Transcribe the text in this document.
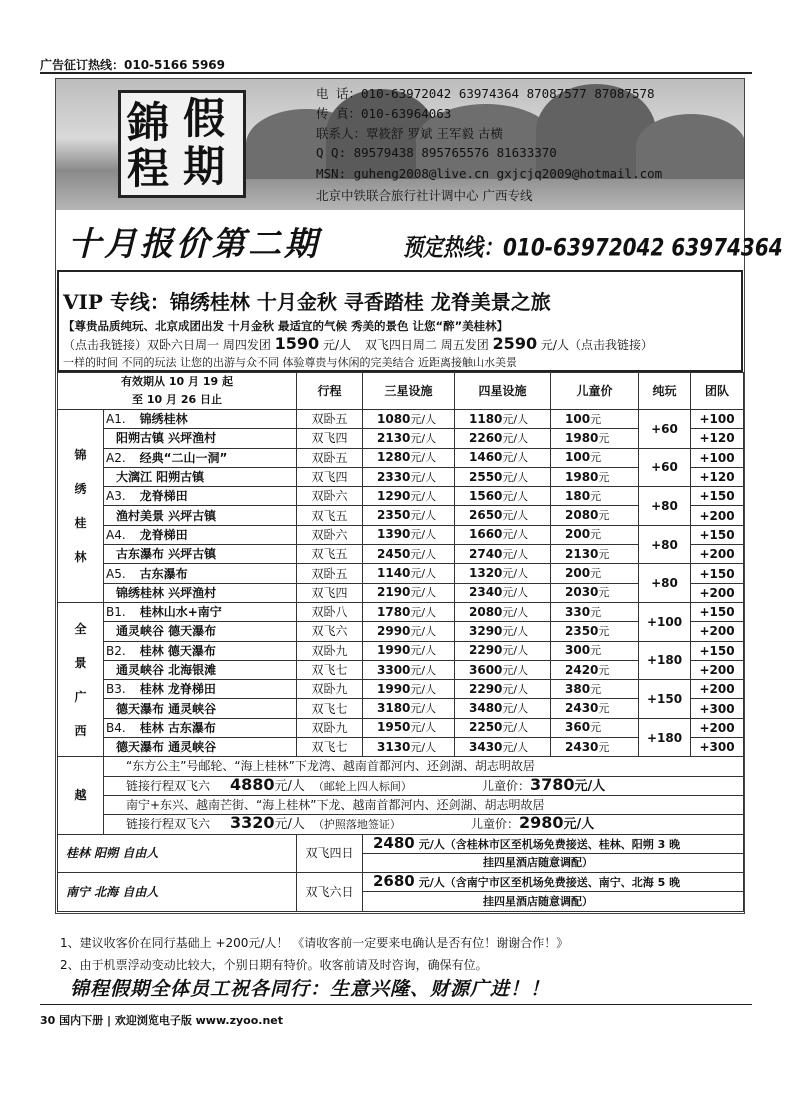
广告征订热线：010-5166 5969
錦 假
程 期
电 话：010-63972042 63974364 87087577 87087578
传 真：010-63964063
联系人：覃筱舒 罗斌 王军毅 古横
Q Q: 89579438 895765576 81633370
MSN: guheng2008@live.cn gxjcjq2009@hotmail.com
北京中铁联合旅行社计调中心 广西专线
十月报价第二期	预定热线：010-63972042 63974364
VIP 专线：锦绣桂林 十月金秋 寻香踏桂 龙脊美景之旅
【尊贵品质纯玩、北京成团出发 十月金秋 最适宜的气候 秀美的景色 让您“醉”美桂林】
（点击我链接）双卧六日周一 周四发团 1590 元/人 双飞四日周二 周五发团 2590 元/人（点击我链接）
一样的时间 不同的玩法 让您的出游与众不同 体验尊贵与休闲的完美结合 近距离接触山水美景
有效期从 10 月 19 起
至 10 月 26 日止		行程	三星设施	四星设施	儿童价	纯玩	团队

锦
绣
桂
林	A1. 锦绣桂林	双卧五	1080元/人	1180元/人	100元	+60	+100
	阳朔古镇 兴坪渔村	双飞四	2130元/人	2260元/人	1980元		+120
	A2. 经典“二山一洞”	双卧五	1280元/人	1460元/人	100元	+60	+100
	大漓江 阳朔古镇	双飞四	2330元/人	2550元/人	1980元		+120
	A3. 龙脊梯田	双卧六	1290元/人	1560元/人	180元	+80	+150
	渔村美景 兴坪古镇	双飞五	2350元/人	2650元/人	2080元		+200
	A4. 龙脊梯田	双卧六	1390元/人	1660元/人	200元	+80	+150
	古东瀑布 兴坪古镇	双飞五	2450元/人	2740元/人	2130元		+200
	A5. 古东瀑布	双卧五	1140元/人	1320元/人	200元	+80	+150
	锦绣桂林 兴坪渔村	双飞四	2190元/人	2340元/人	2030元		+200

全
景
广
西	B1. 桂林山水+南宁	双卧八	1780元/人	2080元/人	330元	+100	+150
	通灵峡谷 德天瀑布	双飞六	2990元/人	3290元/人	2350元		+200
	B2. 桂林 德天瀑布	双卧九	1990元/人	2290元/人	300元	+180	+150
	通灵峡谷 北海银滩	双飞七	3300元/人	3600元/人	2420元		+200
	B3. 桂林 龙脊梯田	双卧九	1990元/人	2290元/人	380元	+150	+200
	德天瀑布 通灵峡谷	双飞七	3180元/人	3480元/人	2430元		+300
	B4. 桂林 古东瀑布	双卧九	1950元/人	2250元/人	360元	+180	+200
	德天瀑布 通灵峡谷	双飞七	3130元/人	3430元/人	2430元		+300
越	“东方公主”号邮轮、“海上桂林”下龙湾、越南首都河内、还剑湖、胡志明故居						
	链接行程双飞六 4880元/人 （邮轮上四人标间） 儿童价：3780元/人						
	南宁+东兴、越南芒街、“海上桂林”下龙、越南首都河内、还剑湖、胡志明故居						
	链接行程双飞六 3320元/人 （护照落地签证） 儿童价：2980元/人						
桂林 阳朔 自由人		双飞四日	2480 元/人（含桂林市区至机场免费接送、桂林、阳朔 3 晚				
			挂四星酒店随意调配）				
南宁 北海 自由人		双飞六日	2680 元/人（含南宁市区至机场免费接送、南宁、北海 5 晚				
			挂四星酒店随意调配）				
1、建议收客价在同行基础上 +200元/人！ 《请收客前一定要来电确认是否有位！谢谢合作！》
2、由于机票浮动变动比较大，个别日期有特价。收客前请及时咨询，确保有位。
锦程假期全体员工祝各同行：生意兴隆、财源广进！！
30 国内下册 | 欢迎浏览电子版 www.zyoo.net
